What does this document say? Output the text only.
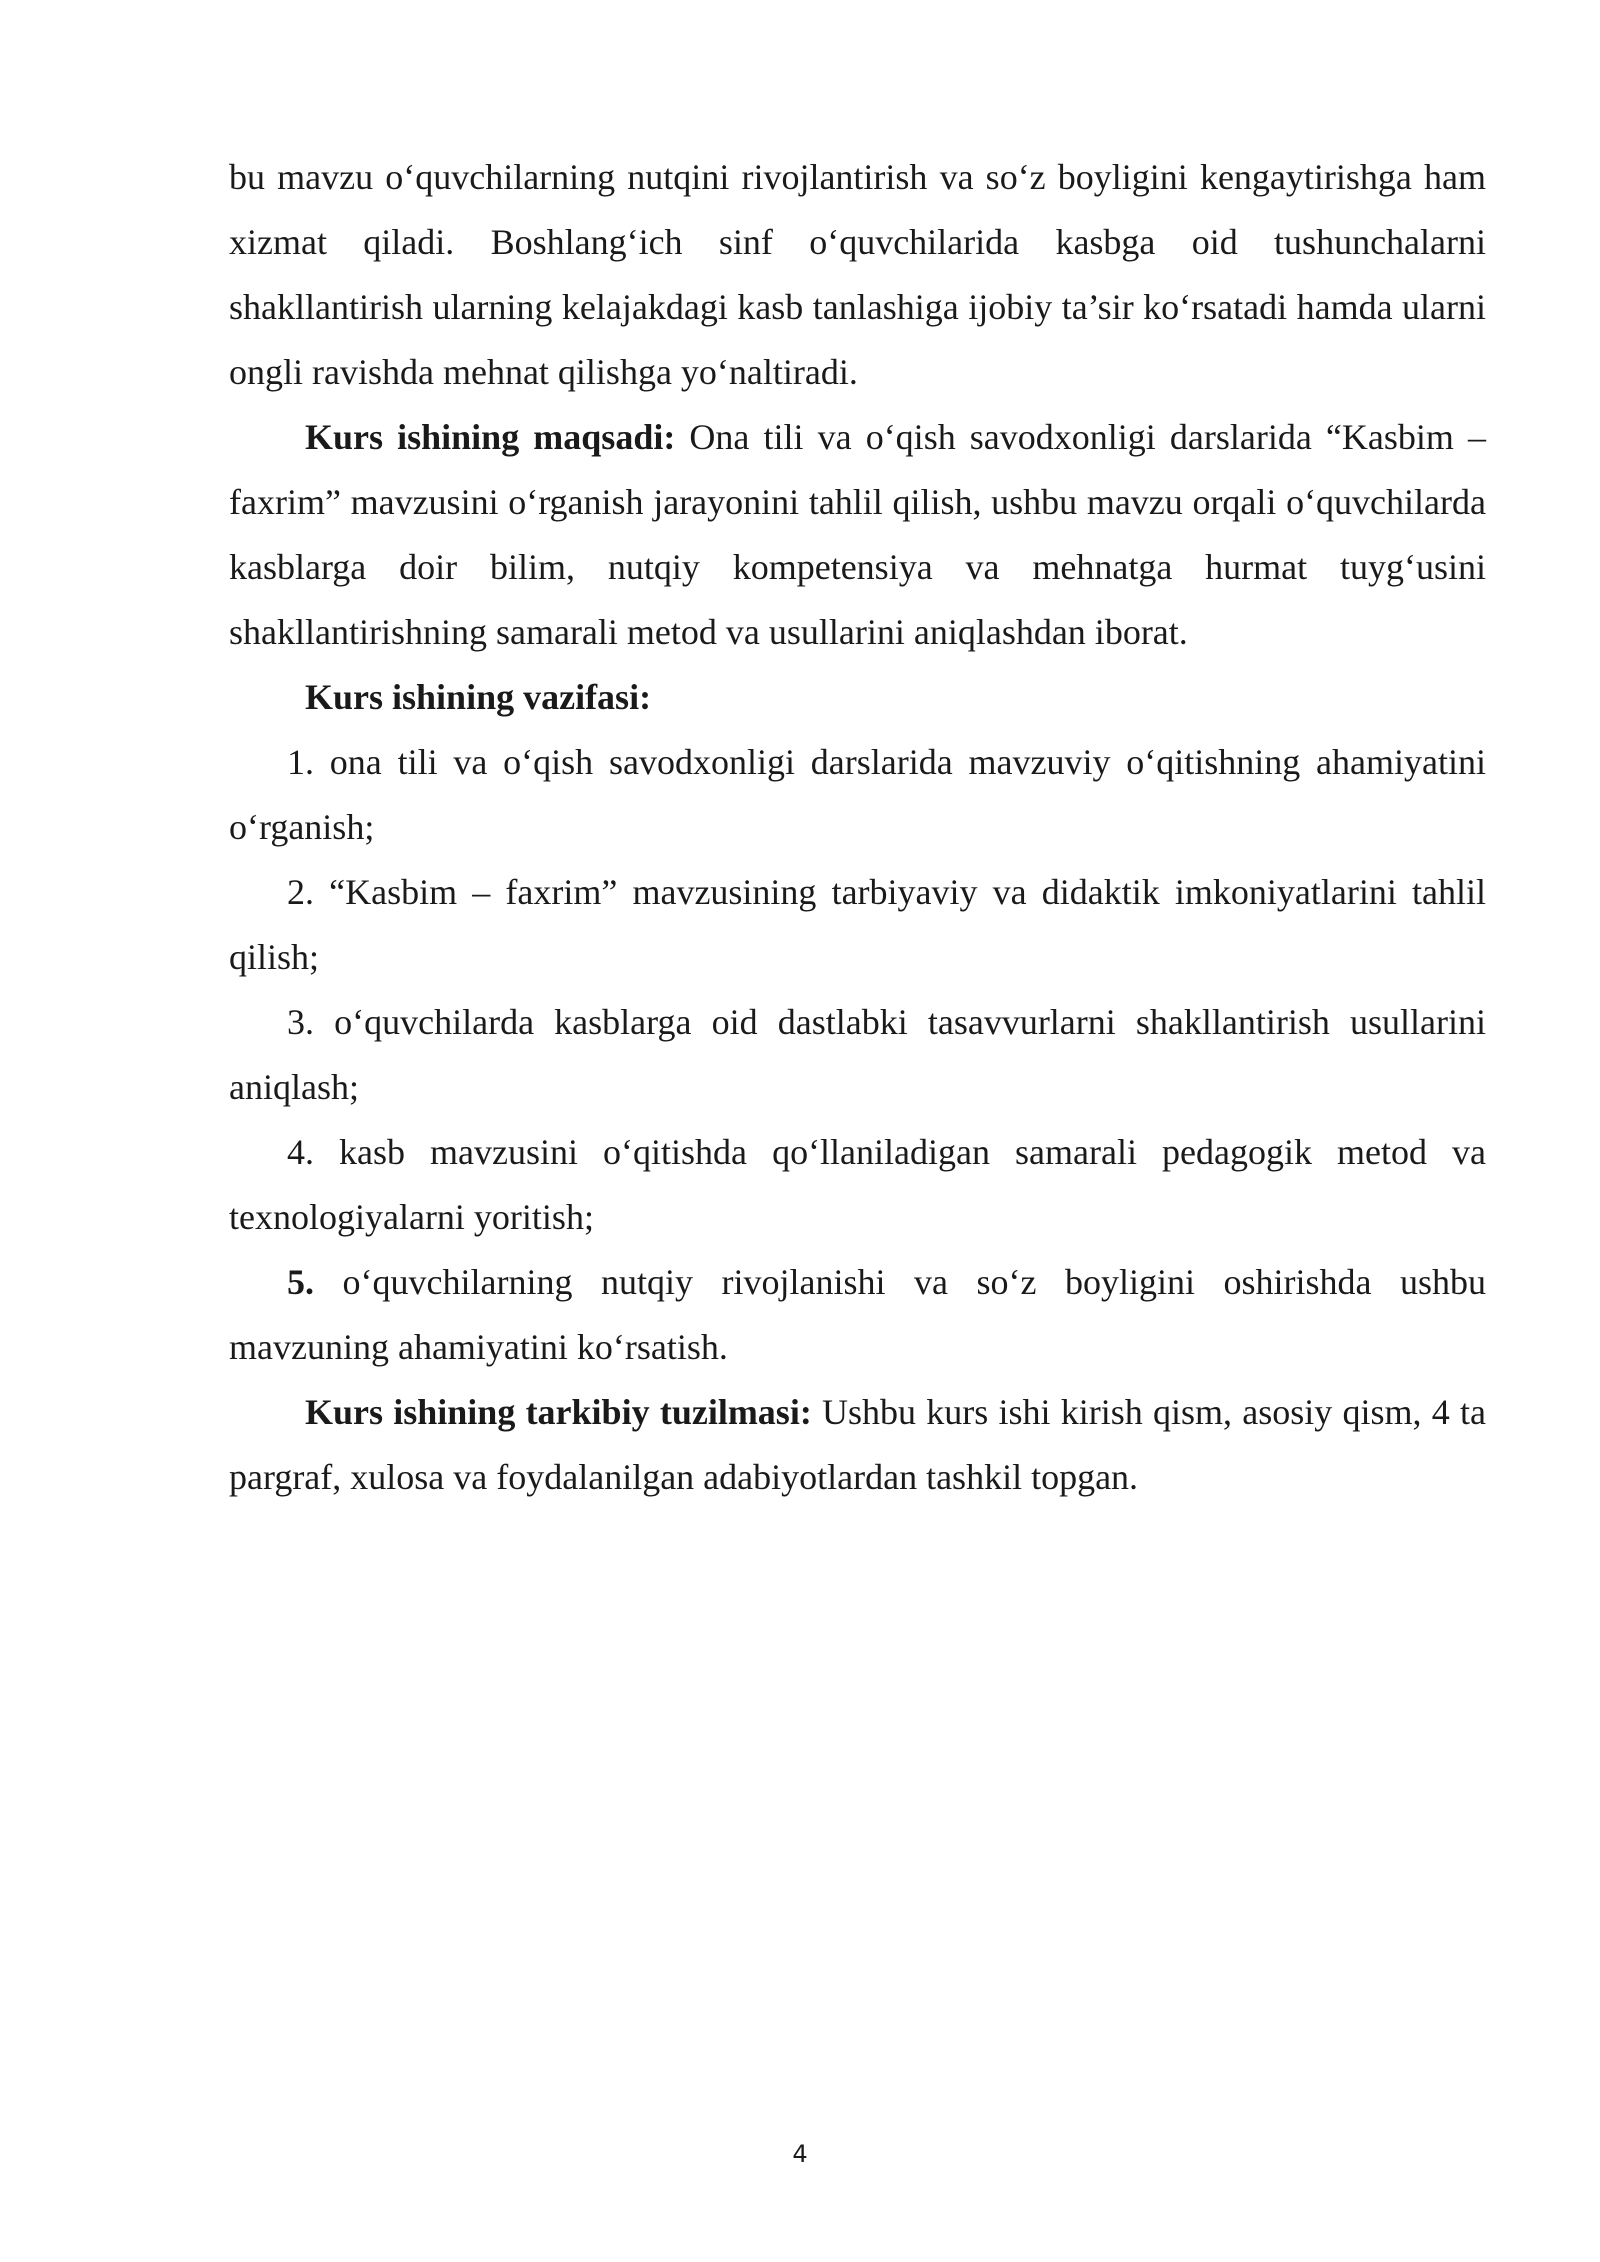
bu mavzu o‘quvchilarning nutqini rivojlantirish va so‘z boyligini kengaytirishga ham xizmat qiladi. Boshlang‘ich sinf o‘quvchilarida kasbga oid tushunchalarni shakllantirish ularning kelajakdagi kasb tanlashiga ijobiy ta’sir ko‘rsatadi hamda ularni ongli ravishda mehnat qilishga yo‘naltiradi.

Kurs ishining maqsadi: Ona tili va o‘qish savodxonligi darslarida “Kasbim – faxrim” mavzusini o‘rganish jarayonini tahlil qilish, ushbu mavzu orqali o‘quvchilarda kasblarga doir bilim, nutqiy kompetensiya va mehnatga hurmat tuyg‘usini shakllantirishning samarali metod va usullarini aniqlashdan iborat.

Kurs ishining vazifasi:

1. ona tili va o‘qish savodxonligi darslarida mavzuviy o‘qitishning ahamiyatini o‘rganish;

2. “Kasbim – faxrim” mavzusining tarbiyaviy va didaktik imkoniyatlarini tahlil qilish;

3. o‘quvchilarda kasblarga oid dastlabki tasavvurlarni shakllantirish usullarini aniqlash;

4. kasb mavzusini o‘qitishda qo‘llaniladigan samarali pedagogik metod va texnologiyalarni yoritish;

5. o‘quvchilarning nutqiy rivojlanishi va so‘z boyligini oshirishda ushbu mavzuning ahamiyatini ko‘rsatish.

Kurs ishining tarkibiy tuzilmasi: Ushbu kurs ishi kirish qism, asosiy qism, 4 ta pargraf, xulosa va foydalanilgan adabiyotlardan tashkil topgan.

4
